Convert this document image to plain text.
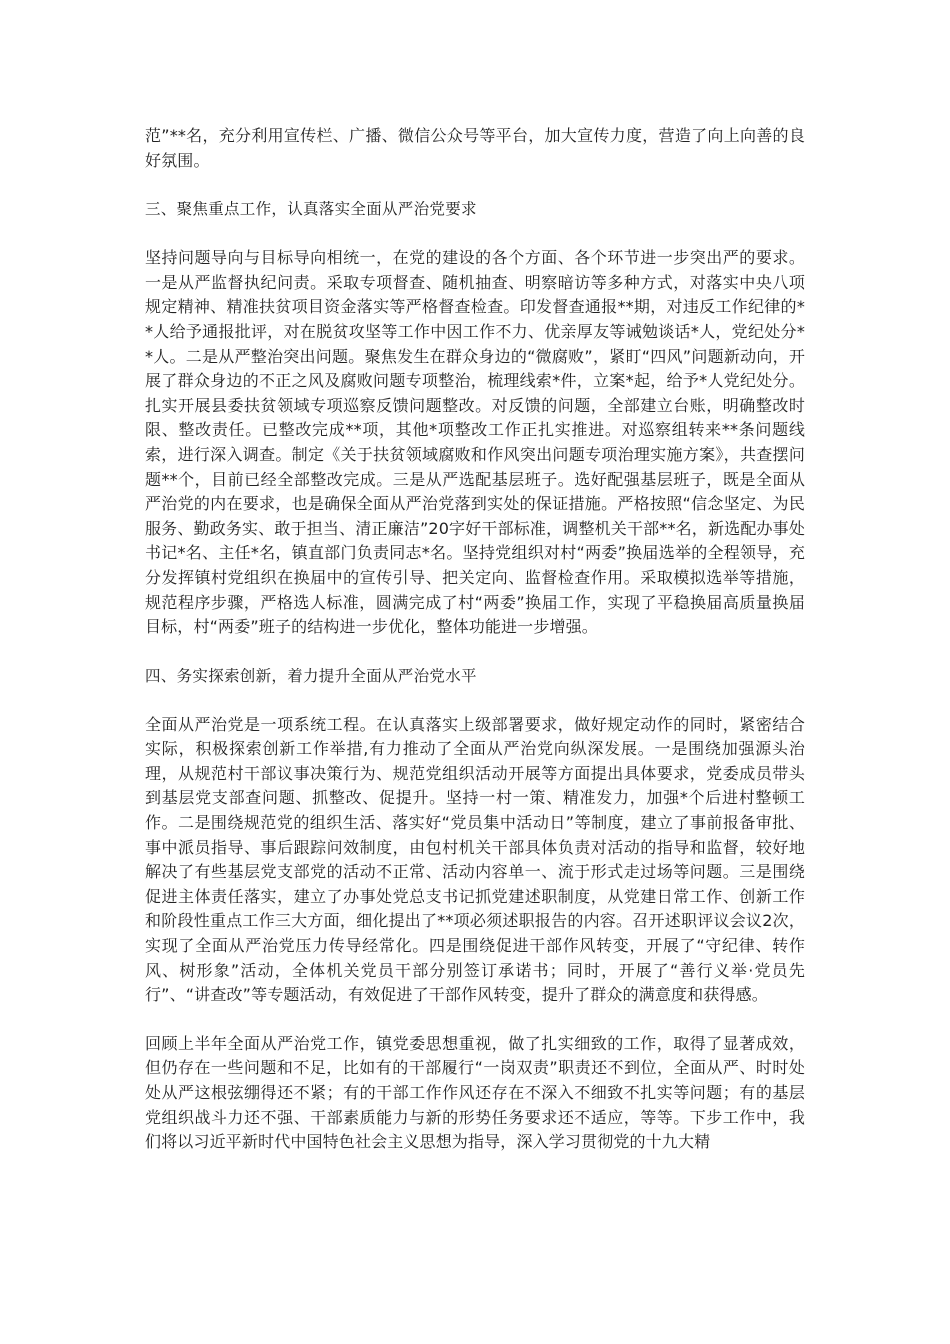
范”**名，充分利用宣传栏、广播、微信公众号等平台，加大宣传力度，营造了向上向善的良好氛围。

三、聚焦重点工作，认真落实全面从严治党要求

坚持问题导向与目标导向相统一，在党的建设的各个方面、各个环节进一步突出严的要求。一是从严监督执纪问责。采取专项督查、随机抽查、明察暗访等多种方式，对落实中央八项规定精神、精准扶贫项目资金落实等严格督查检查。印发督查通报**期，对违反工作纪律的**人给予通报批评，对在脱贫攻坚等工作中因工作不力、优亲厚友等诫勉谈话*人，党纪处分**人。二是从严整治突出问题。聚焦发生在群众身边的“微腐败”，紧盯“四风”问题新动向，开展了群众身边的不正之风及腐败问题专项整治，梳理线索*件，立案*起，给予*人党纪处分。扎实开展县委扶贫领域专项巡察反馈问题整改。对反馈的问题，全部建立台账，明确整改时限、整改责任。已整改完成**项，其他*项整改工作正扎实推进。对巡察组转来**条问题线索，进行深入调查。制定《关于扶贫领域腐败和作风突出问题专项治理实施方案》，共查摆问题**个，目前已经全部整改完成。三是从严选配基层班子。选好配强基层班子，既是全面从严治党的内在要求，也是确保全面从严治党落到实处的保证措施。严格按照“信念坚定、为民服务、勤政务实、敢于担当、清正廉洁”20字好干部标准，调整机关干部**名，新选配办事处书记*名、主任*名，镇直部门负责同志*名。坚持党组织对村“两委”换届选举的全程领导，充分发挥镇村党组织在换届中的宣传引导、把关定向、监督检查作用。采取模拟选举等措施，规范程序步骤，严格选人标准，圆满完成了村“两委”换届工作，实现了平稳换届高质量换届目标，村“两委”班子的结构进一步优化，整体功能进一步增强。

四、务实探索创新，着力提升全面从严治党水平

全面从严治党是一项系统工程。在认真落实上级部署要求，做好规定动作的同时，紧密结合实际，积极探索创新工作举措,有力推动了全面从严治党向纵深发展。一是围绕加强源头治理，从规范村干部议事决策行为、规范党组织活动开展等方面提出具体要求，党委成员带头到基层党支部查问题、抓整改、促提升。坚持一村一策、精准发力，加强*个后进村整顿工作。二是围绕规范党的组织生活、落实好“党员集中活动日”等制度，建立了事前报备审批、事中派员指导、事后跟踪问效制度，由包村机关干部具体负责对活动的指导和监督，较好地解决了有些基层党支部党的活动不正常、活动内容单一、流于形式走过场等问题。三是围绕促进主体责任落实，建立了办事处党总支书记抓党建述职制度，从党建日常工作、创新工作和阶段性重点工作三大方面，细化提出了**项必须述职报告的内容。召开述职评议会议2次，实现了全面从严治党压力传导经常化。四是围绕促进干部作风转变，开展了“守纪律、转作风、树形象”活动，全体机关党员干部分别签订承诺书；同时，开展了“善行义举·党员先行”、“讲查改”等专题活动，有效促进了干部作风转变，提升了群众的满意度和获得感。

回顾上半年全面从严治党工作，镇党委思想重视，做了扎实细致的工作，取得了显著成效，但仍存在一些问题和不足，比如有的干部履行“一岗双责”职责还不到位，全面从严、时时处处从严这根弦绷得还不紧；有的干部工作作风还存在不深入不细致不扎实等问题；有的基层党组织战斗力还不强、干部素质能力与新的形势任务要求还不适应，等等。下步工作中，我们将以习近平新时代中国特色社会主义思想为指导，深入学习贯彻党的十九大精
